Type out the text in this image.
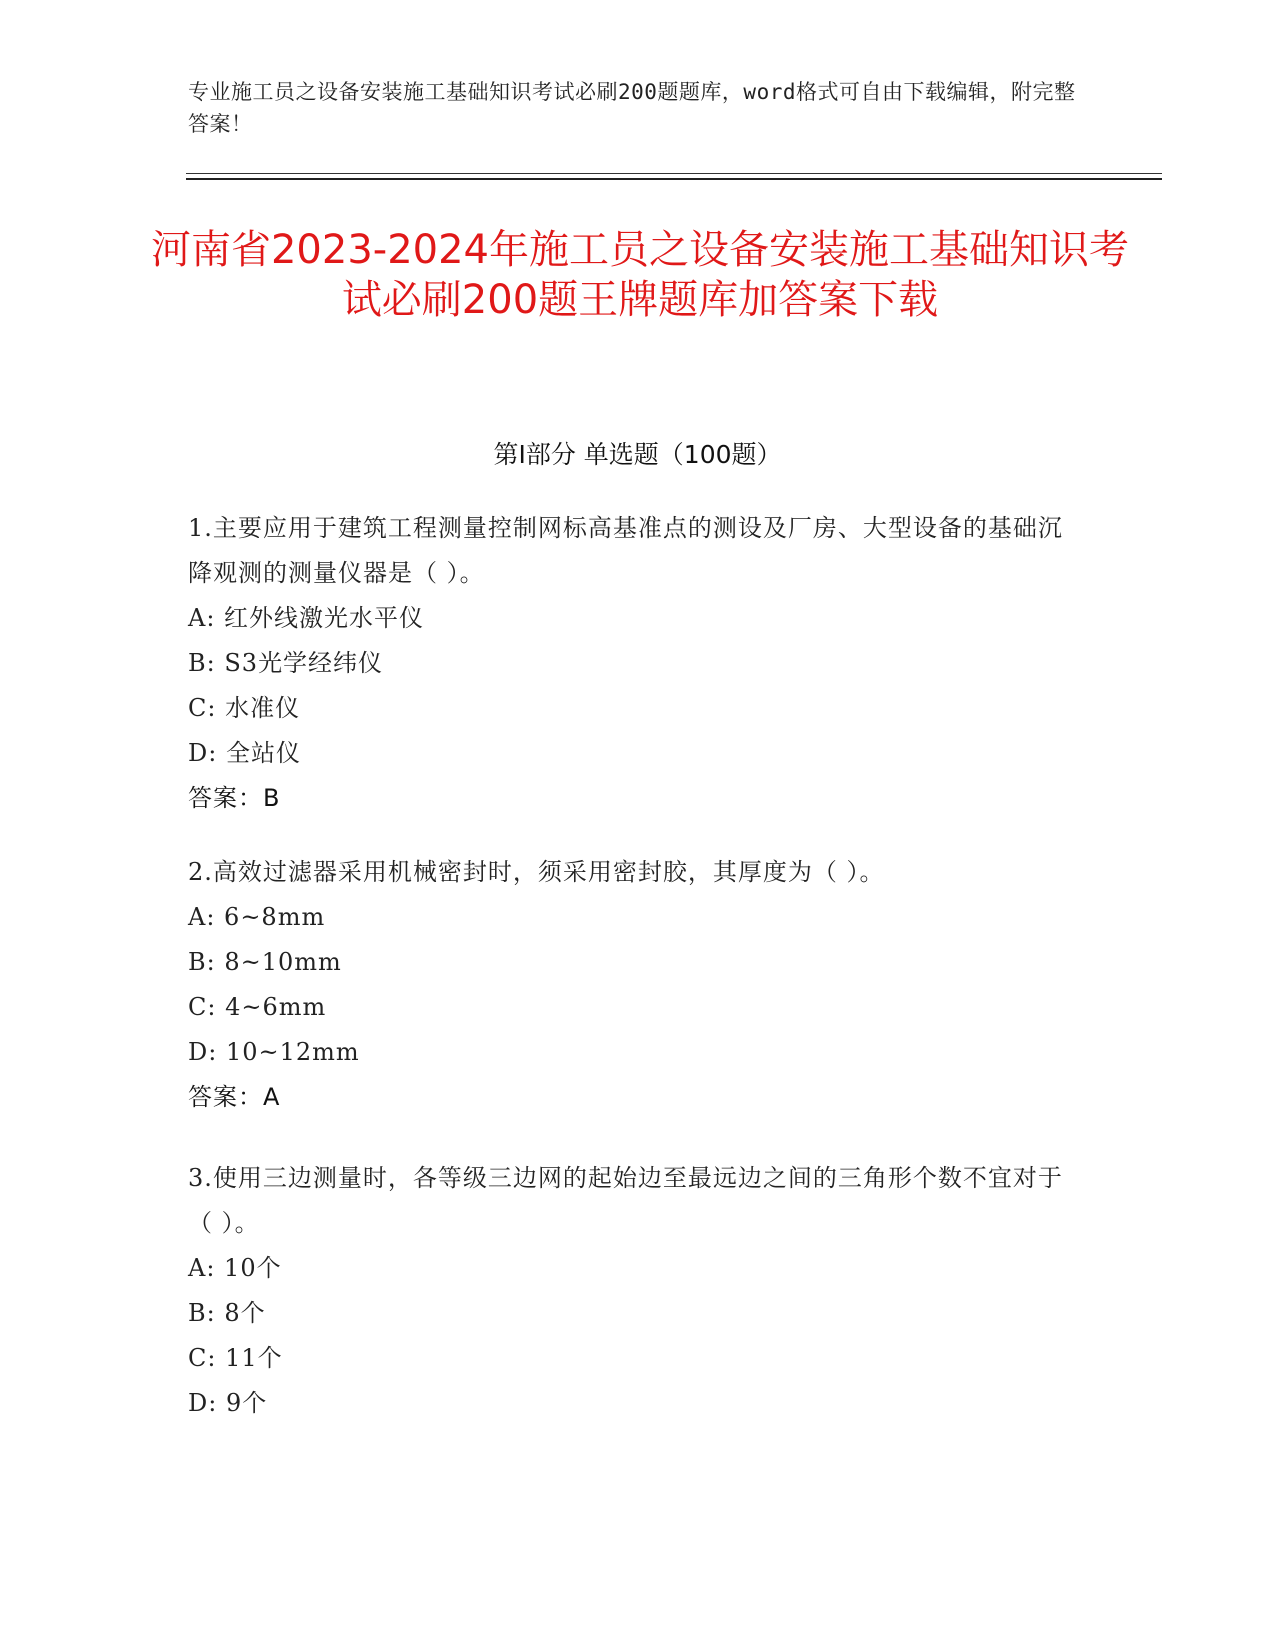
专业施工员之设备安装施工基础知识考试必刷200题题库，word格式可自由下载编辑，附完整答案！
河南省2023-2024年施工员之设备安装施工基础知识考试必刷200题王牌题库加答案下载
第I部分 单选题（100题）
1.主要应用于建筑工程测量控制网标高基准点的测设及厂房、大型设备的基础沉降观测的测量仪器是（ ）。
A: 红外线激光水平仪
B: S3光学经纬仪
C: 水准仪
D: 全站仪
答案：B
2.高效过滤器采用机械密封时，须采用密封胶，其厚度为（ ）。
A: 6~8mm
B: 8~10mm
C: 4~6mm
D: 10~12mm
答案：A
3.使用三边测量时，各等级三边网的起始边至最远边之间的三角形个数不宜对于（ ）。
A: 10个
B: 8个
C: 11个
D: 9个
